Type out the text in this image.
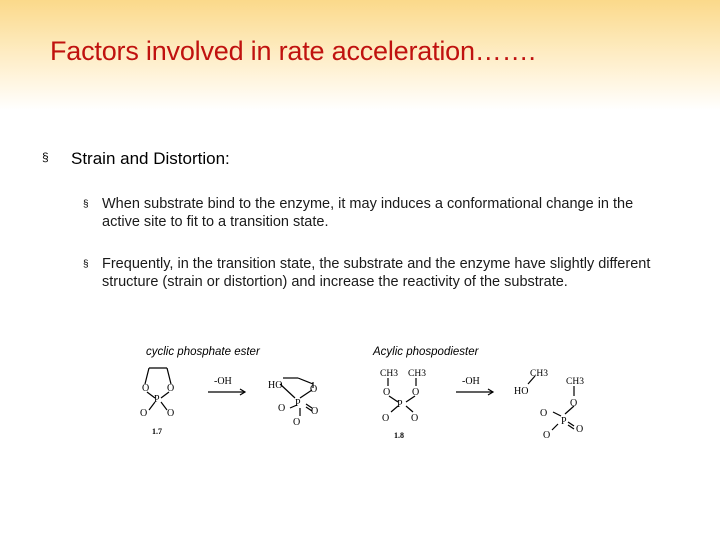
Factors involved in rate acceleration…….
§ Strain and Distortion:
§ When substrate bind to the enzyme, it may induces a conformational change in the active site to fit to a transition state.
§ Frequently, in the transition state, the substrate and the enzyme have slightly different structure (strain or distortion) and increase the reactivity of the substrate.
cyclic phosphate ester	Acylic phospodiester
O O
P
O O
1.7
-OH	HO	O
P
O	O
O
CH3 CH3
O O
P
O O
1.8
-OH
CH3
HO
CH3
O
O
P
O
O
